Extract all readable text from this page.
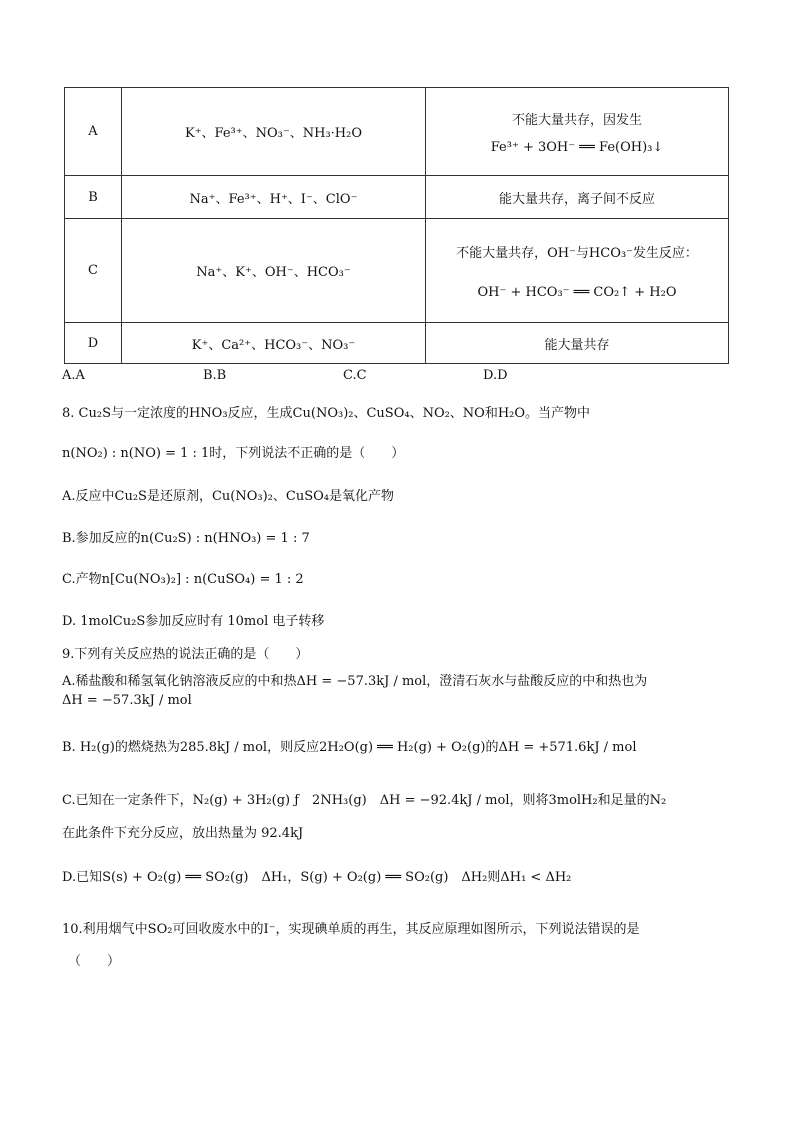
A	K⁺、Fe³⁺、NO₃⁻、NH₃·H₂O
不能大量共存，因发生
Fe³⁺ + 3OH⁻ ══ Fe(OH)₃↓
B	Na⁺、Fe³⁺、H⁺、I⁻、ClO⁻	能大量共存，离子间不反应
C	Na⁺、K⁺、OH⁻、HCO₃⁻
不能大量共存，OH⁻与HCO₃⁻发生反应：
OH⁻ + HCO₃⁻ ══ CO₂↑ + H₂O
D	K⁺、Ca²⁺、HCO₃⁻、NO₃⁻	能大量共存
A.A	B.B	C.C	D.D
8. Cu₂S与一定浓度的HNO₃反应，生成Cu(NO₃)₂、CuSO₄、NO₂、NO和H₂O。当产物中
n(NO₂) : n(NO) = 1 : 1时，下列说法不正确的是（　　）
A.反应中Cu₂S是还原剂，Cu(NO₃)₂、CuSO₄是氧化产物
B.参加反应的n(Cu₂S) : n(HNO₃) = 1 : 7
C.产物n[Cu(NO₃)₂] : n(CuSO₄) = 1 : 2
D. 1molCu₂S参加反应时有 10mol 电子转移
9.下列有关反应热的说法正确的是（　　）
A.稀盐酸和稀氢氧化钠溶液反应的中和热ΔH = −57.3kJ / mol，澄清石灰水与盐酸反应的中和热也为
ΔH = −57.3kJ / mol
B. H₂(g)的燃烧热为285.8kJ / mol，则反应2H₂O(g) ══ H₂(g) + O₂(g)的ΔH = +571.6kJ / mol
C.已知在一定条件下，N₂(g) + 3H₂(g) ƒ　2NH₃(g)　ΔH = −92.4kJ / mol，则将3molH₂和足量的N₂
在此条件下充分反应，放出热量为 92.4kJ
D.已知S(s) + O₂(g) ══ SO₂(g)　ΔH₁，S(g) + O₂(g) ══ SO₂(g)　ΔH₂则ΔH₁ < ΔH₂
10.利用烟气中SO₂可回收废水中的I⁻，实现碘单质的再生，其反应原理如图所示，下列说法错误的是
（　　）
